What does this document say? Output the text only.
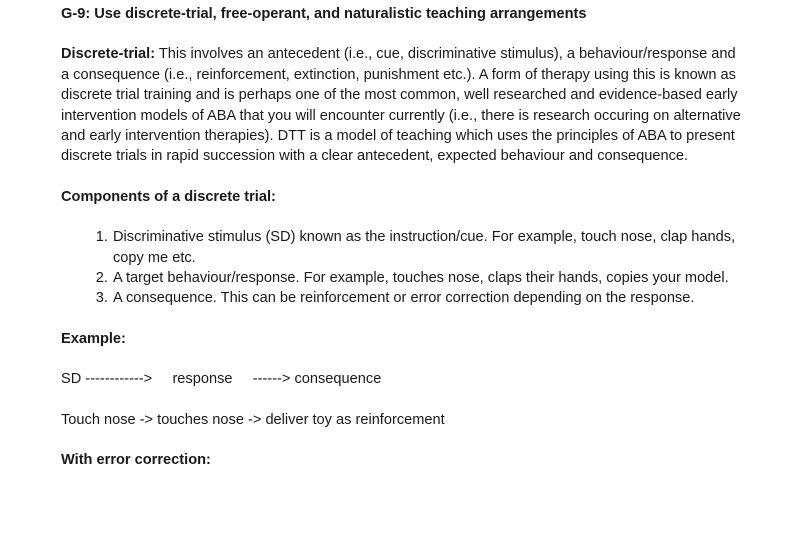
G-9: Use discrete-trial, free-operant, and naturalistic teaching arrangements

Discrete-trial: This involves an antecedent (i.e., cue, discriminative stimulus), a behaviour/response and a consequence (i.e., reinforcement, extinction, punishment etc.). A form of therapy using this is known as discrete trial training and is perhaps one of the most common, well researched and evidence-based early intervention models of ABA that you will encounter currently (i.e., there is research occuring on alternative and early intervention therapies). DTT is a model of teaching which uses the principles of ABA to present discrete trials in rapid succession with a clear antecedent, expected behaviour and consequence.

Components of a discrete trial:

1. Discriminative stimulus (SD) known as the instruction/cue. For example, touch nose, clap hands, copy me etc.
2. A target behaviour/response. For example, touches nose, claps their hands, copies your model.
3. A consequence. This can be reinforcement or error correction depending on the response.

Example:

SD ------------>     response     ------> consequence

Touch nose -> touches nose -> deliver toy as reinforcement

With error correction:
